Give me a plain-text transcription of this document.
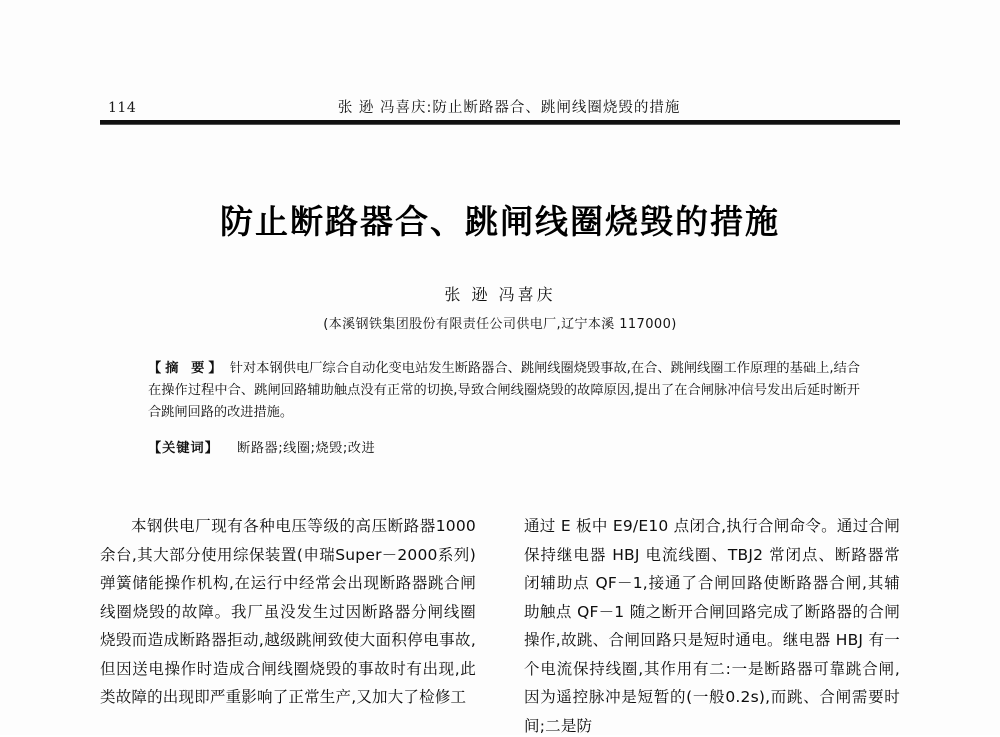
114	张 逊 冯喜庆:防止断路器合、跳闸线圈烧毁的措施
防止断路器合、跳闸线圈烧毁的措施
张 逊 冯喜庆
(本溪钢铁集团股份有限责任公司供电厂,辽宁本溪 117000)
【摘 要】 针对本钢供电厂综合自动化变电站发生断路器合、跳闸线圈烧毁事故,在合、跳闸线圈工作原理的基础上,结合在操作过程中合、跳闸回路辅助触点没有正常的切换,导致合闸线圈烧毁的故障原因,提出了在合闸脉冲信号发出后延时断开合跳闸回路的改进措施。
【关键词】 断路器;线圈;烧毁;改进

本钢供电厂现有各种电压等级的高压断路器1000余台,其大部分使用综保装置(申瑞Super－2000系列)弹簧储能操作机构,在运行中经常会出现断路器跳合闸线圈烧毁的故障。我厂虽没发生过因断路器分闸线圈烧毁而造成断路器拒动,越级跳闸致使大面积停电事故,但因送电操作时造成合闸线圈烧毁的事故时有出现,此类故障的出现即严重影响了正常生产,又加大了检修工

通过 E 板中 E9/E10 点闭合,执行合闸命令。通过合闸保持继电器 HBJ 电流线圈、TBJ2 常闭点、断路器常闭辅助点 QF－1,接通了合闸回路使断路器合闸,其辅助触点 QF－1 随之断开合闸回路完成了断路器的合闸操作,故跳、合闸回路只是短时通电。继电器 HBJ 有一个电流保持线圈,其作用有二:一是断路器可靠跳合闸,因为遥控脉冲是短暂的(一般0.2s),而跳、合闸需要时间;二是防
